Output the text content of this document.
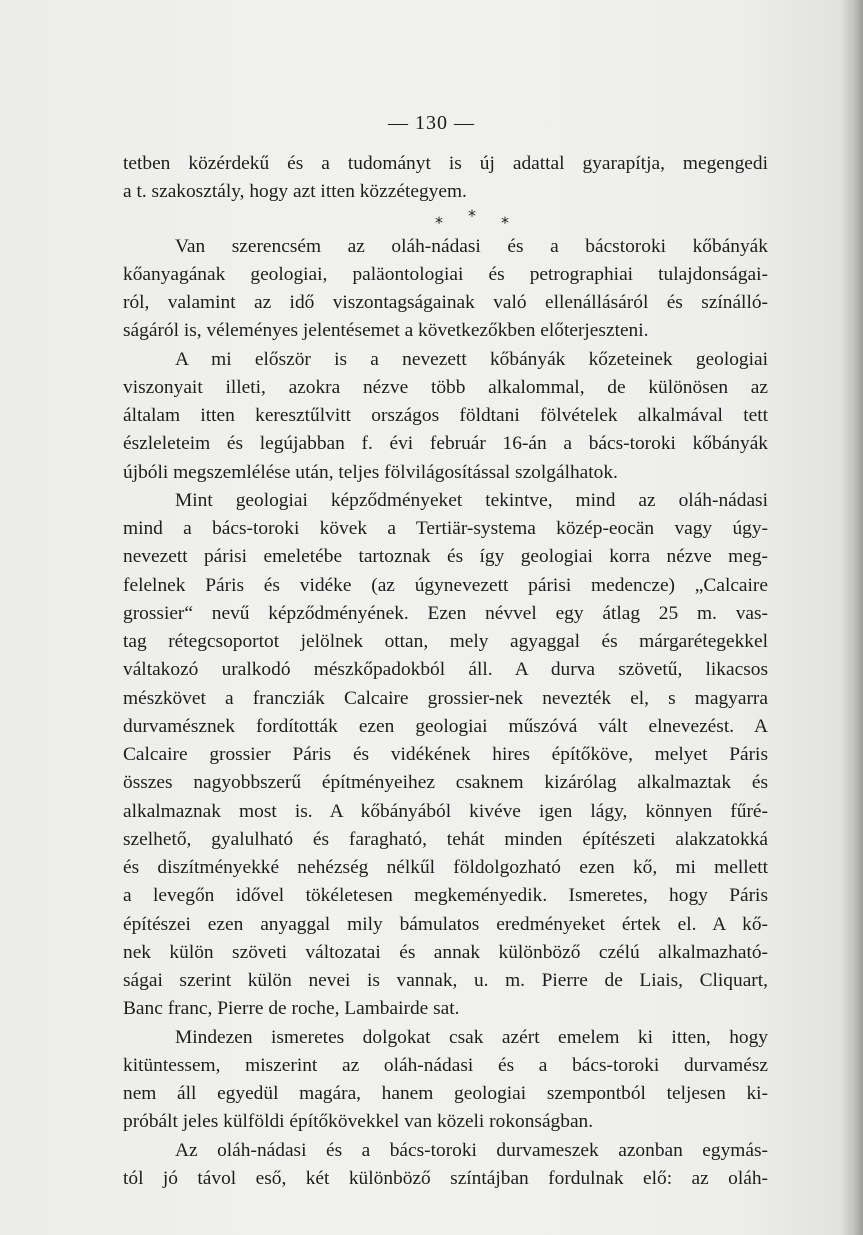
— 130 —
tetben közérdekű és a tudományt is új adattal gyarapítja, megengedi
a t. szakosztály, hogy azt itten közzétegyem.
* * *
Van szerencsém az oláh-nádasi és a bácstoroki kőbányák
kőanyagának geologiai, paläontologiai és petrographiai tulajdonságai-
ról, valamint az idő viszontagságainak való ellenállásáról és színálló-
ságáról is, véleményes jelentésemet a következőkben előterjeszteni.
A mi először is a nevezett kőbányák kőzeteinek geologiai
viszonyait illeti, azokra nézve több alkalommal, de különösen az
általam itten keresztűlvitt országos földtani fölvételek alkalmával tett
észleleteim és legújabban f. évi február 16-án a bács-toroki kőbányák
újbóli megszemlélése után, teljes fölvilágosítással szolgálhatok.
Mint geologiai képződményeket tekintve, mind az oláh-nádasi
mind a bács-toroki kövek a Tertiär-systema közép-eocän vagy úgy-
nevezett párisi emeletébe tartoznak és így geologiai korra nézve meg-
felelnek Páris és vidéke (az úgynevezett párisi medencze) „Calcaire
grossier“ nevű képződményének. Ezen névvel egy átlag 25 m. vas-
tag rétegcsoportot jelölnek ottan, mely agyaggal és márgarétegekkel
váltakozó uralkodó mészkőpadokból áll. A durva szövetű, likacsos
mészkövet a francziák Calcaire grossier-nek nevezték el, s magyarra
durvamésznek fordították ezen geologiai műszóvá vált elnevezést. A
Calcaire grossier Páris és vidékének hires építőköve, melyet Páris
összes nagyobbszerű építményeihez csaknem kizárólag alkalmaztak és
alkalmaznak most is. A kőbányából kivéve igen lágy, könnyen fűré-
szelhető, gyalulható és faragható, tehát minden építészeti alakzatokká
és diszítményekké nehézség nélkűl földolgozható ezen kő, mi mellett
a levegőn idővel tökéletesen megkeményedik. Ismeretes, hogy Páris
építészei ezen anyaggal mily bámulatos eredményeket értek el. A kő-
nek külön szöveti változatai és annak különböző czélú alkalmazható-
ságai szerint külön nevei is vannak, u. m. Pierre de Liais, Cliquart,
Banc franc, Pierre de roche, Lambairde sat.
Mindezen ismeretes dolgokat csak azért emelem ki itten, hogy
kitüntessem, miszerint az oláh-nádasi és a bács-toroki durvamész
nem áll egyedül magára, hanem geologiai szempontból teljesen ki-
próbált jeles külföldi építőkövekkel van közeli rokonságban.
Az oláh-nádasi és a bács-toroki durvameszek azonban egymás-
tól jó távol eső, két különböző színtájban fordulnak elő: az oláh-
